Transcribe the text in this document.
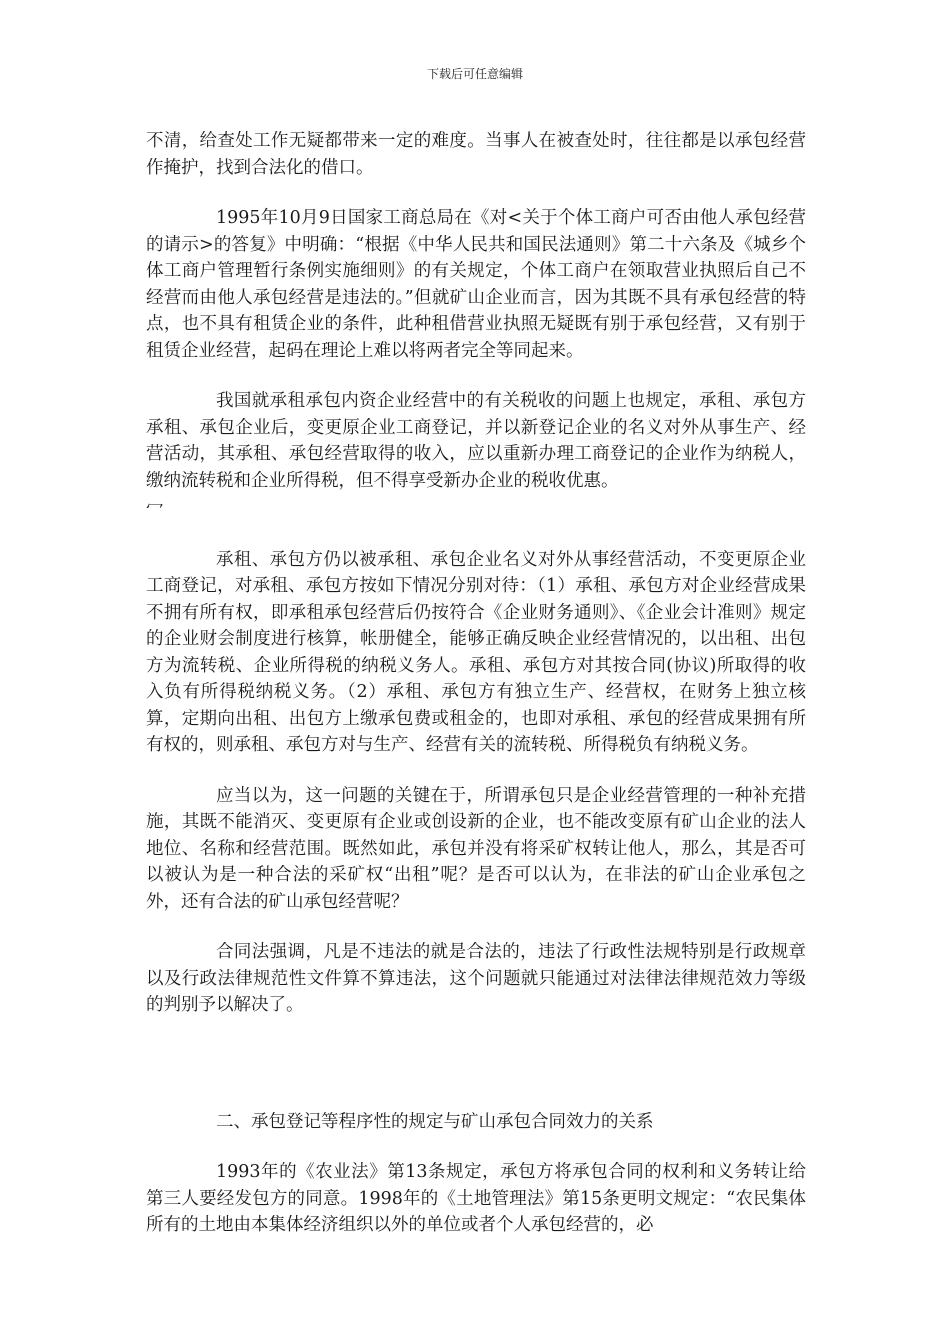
下载后可任意编辑

不清，给查处工作无疑都带来一定的难度。当事人在被查处时，往往都是以承包经营作掩护，找到合法化的借口。

1995年10月9日国家工商总局在《对<关于个体工商户可否由他人承包经营的请示>的答复》中明确：“根据《中华人民共和国民法通则》第二十六条及《城乡个体工商户管理暂行条例实施细则》的有关规定，个体工商户在领取营业执照后自己不经营而由他人承包经营是违法的。”但就矿山企业而言，因为其既不具有承包经营的特点，也不具有租赁企业的条件，此种租借营业执照无疑既有别于承包经营，又有别于租赁企业经营，起码在理论上难以将两者完全等同起来。

我国就承租承包内资企业经营中的有关税收的问题上也规定，承租、承包方承租、承包企业后，变更原企业工商登记，并以新登记企业的名义对外从事生产、经营活动，其承租、承包经营取得的收入，应以重新办理工商登记的企业作为纳税人，缴纳流转税和企业所得税，但不得享受新办企业的税收优惠。

冖

承租、承包方仍以被承租、承包企业名义对外从事经营活动，不变更原企业工商登记，对承租、承包方按如下情况分别对待：（1）承租、承包方对企业经营成果不拥有所有权，即承租承包经营后仍按符合《企业财务通则》、《企业会计准则》规定的企业财会制度进行核算，帐册健全，能够正确反映企业经营情况的，以出租、出包方为流转税、企业所得税的纳税义务人。承租、承包方对其按合同(协议)所取得的收入负有所得税纳税义务。（2）承租、承包方有独立生产、经营权，在财务上独立核算，定期向出租、出包方上缴承包费或租金的，也即对承租、承包的经营成果拥有所有权的，则承租、承包方对与生产、经营有关的流转税、所得税负有纳税义务。

应当以为，这一问题的关键在于，所谓承包只是企业经营管理的一种补充措施，其既不能消灭、变更原有企业或创设新的企业，也不能改变原有矿山企业的法人地位、名称和经营范围。既然如此，承包并没有将采矿权转让他人，那么，其是否可以被认为是一种合法的采矿权“出租”呢？是否可以认为，在非法的矿山企业承包之外，还有合法的矿山承包经营呢？

合同法强调，凡是不违法的就是合法的，违法了行政性法规特别是行政规章以及行政法律规范性文件算不算违法，这个问题就只能通过对法律法律规范效力等级的判别予以解决了。

二、承包登记等程序性的规定与矿山承包合同效力的关系

1993年的《农业法》第13条规定，承包方将承包合同的权利和义务转让给第三人要经发包方的同意。1998年的《土地管理法》第15条更明文规定：“农民集体所有的土地由本集体经济组织以外的单位或者个人承包经营的，必
